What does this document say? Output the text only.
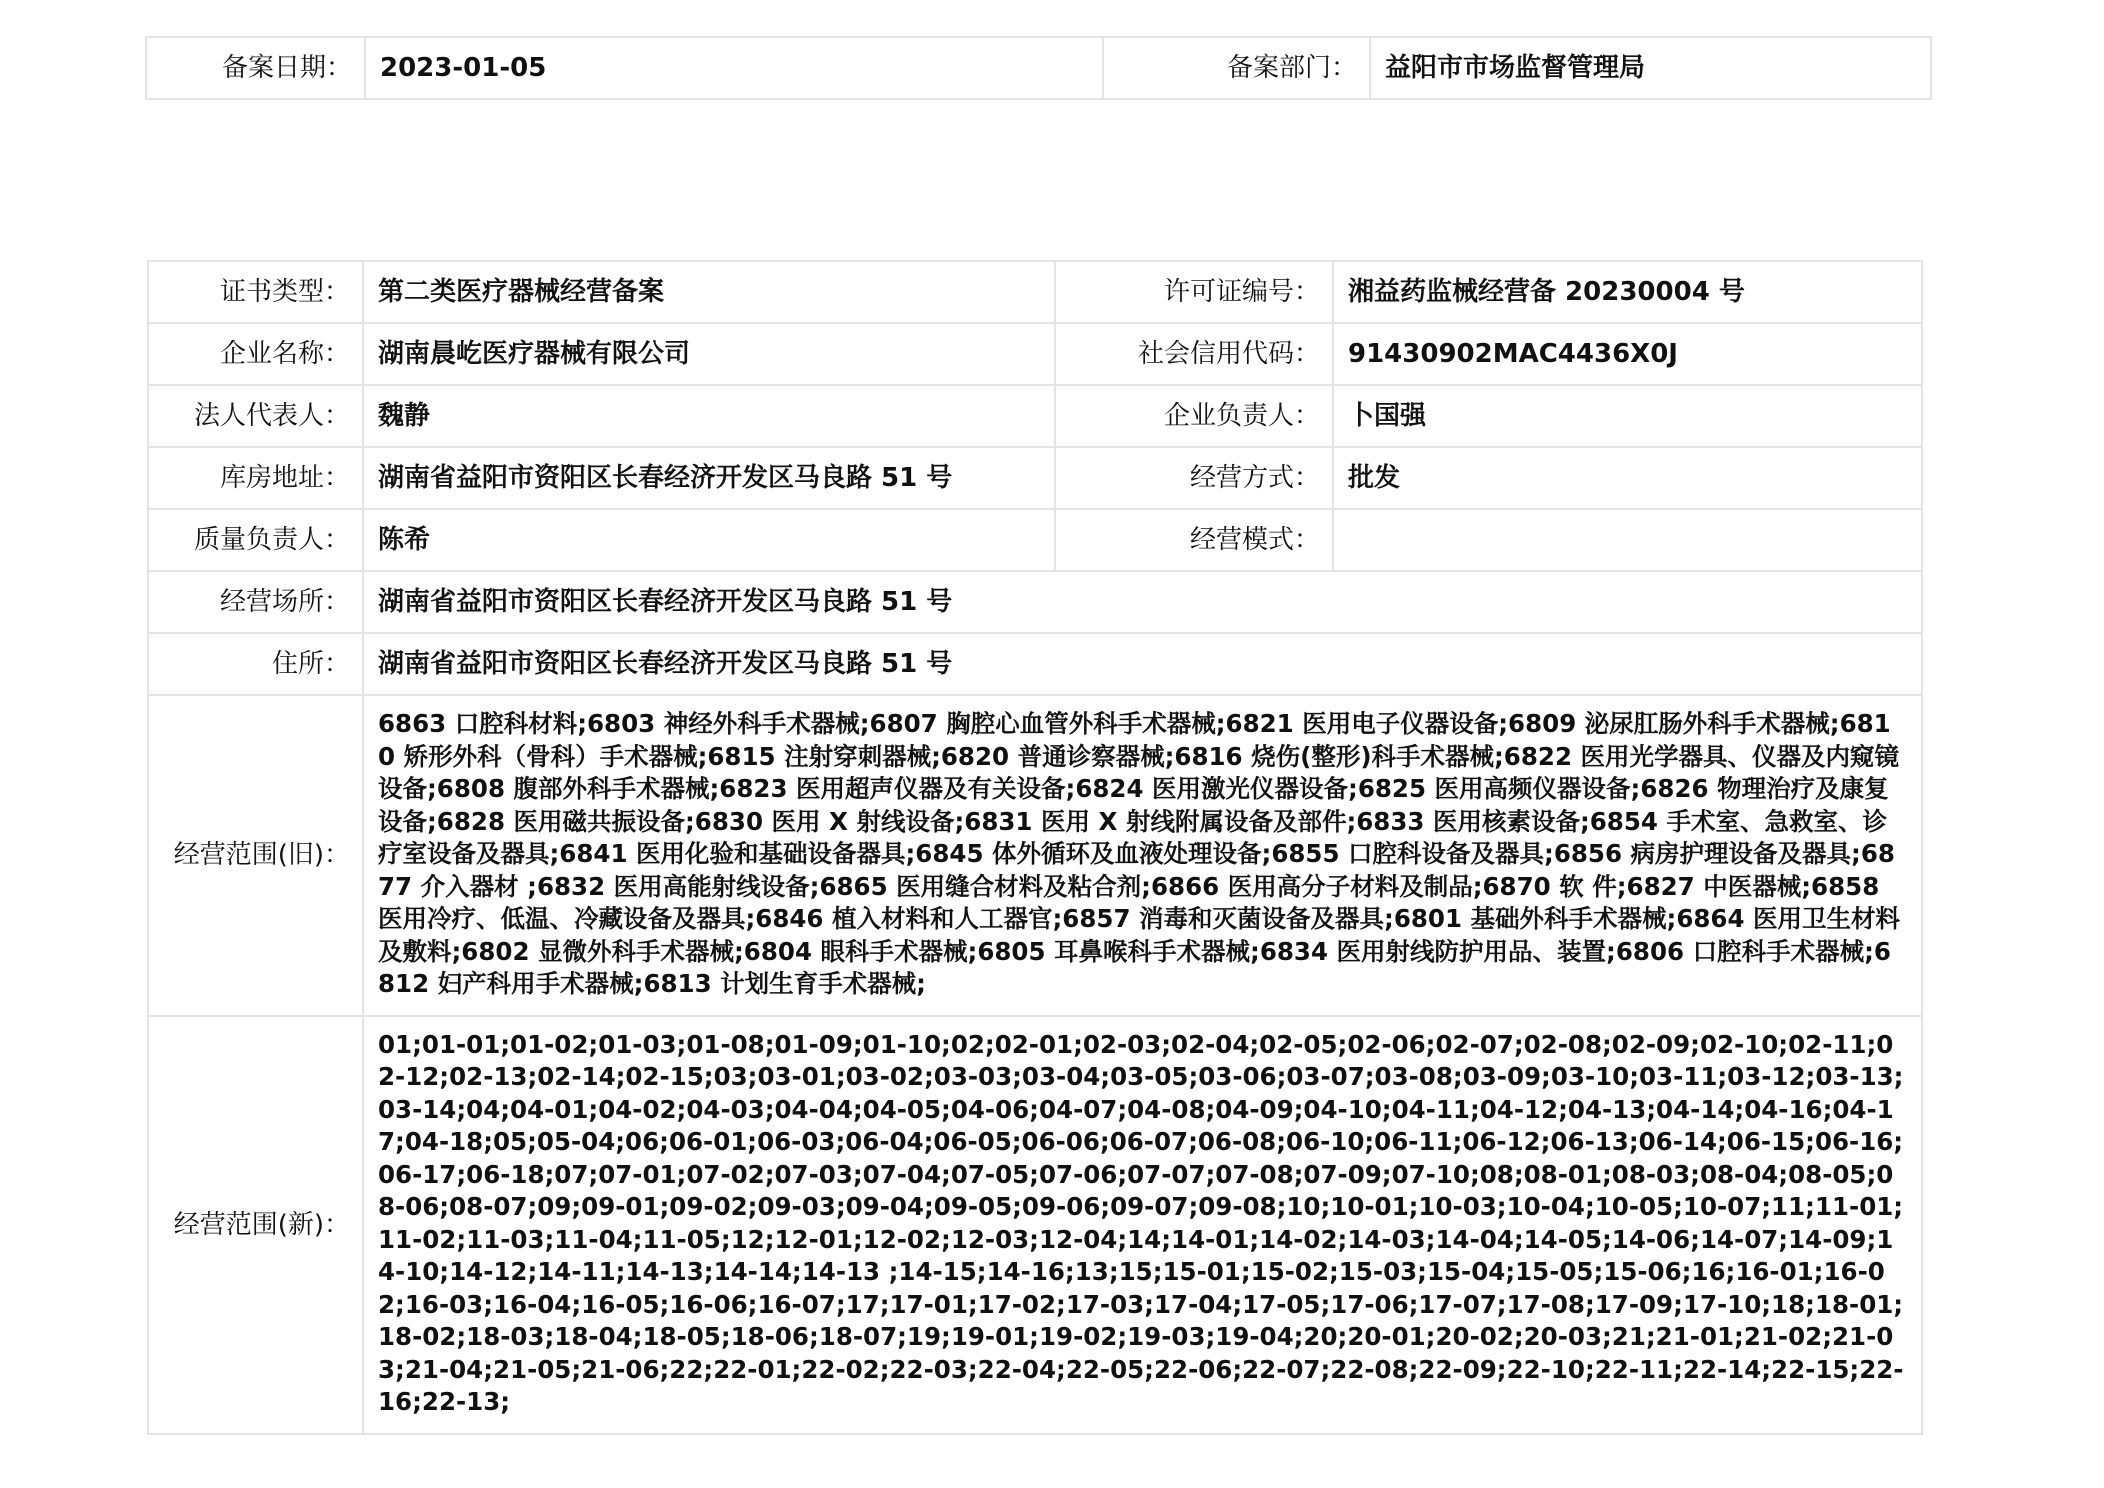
备案日期：	2023-01-05	备案部门：	益阳市市场监督管理局
证书类型：	第二类医疗器械经营备案	许可证编号：	湘益药监械经营备 20230004 号
企业名称：	湖南晨屹医疗器械有限公司	社会信用代码：	91430902MAC4436X0J
法人代表人：	魏静	企业负责人：	卜国强
库房地址：	湖南省益阳市资阳区长春经济开发区马良路 51 号	经营方式：	批发
质量负责人：	陈希	经营模式：	
经营场所：	湖南省益阳市资阳区长春经济开发区马良路 51 号		
住所：	湖南省益阳市资阳区长春经济开发区马良路 51 号		
经营范围(旧)：	6863 口腔科材料;6803 神经外科手术器械;6807 胸腔心血管外科手术器械;6821 医用电子仪器设备;6809 泌尿肛肠外科手术器械;6810 矫形外科（骨科）手术器械;6815 注射穿刺器械;6820 普通诊察器械;6816 烧伤(整形)科手术器械;6822 医用光学器具、仪器及内窥镜设备;6808 腹部外科手术器械;6823 医用超声仪器及有关设备;6824 医用激光仪器设备;6825 医用高频仪器设备;6826 物理治疗及康复设备;6828 医用磁共振设备;6830 医用 X 射线设备;6831 医用 X 射线附属设备及部件;6833 医用核素设备;6854 手术室、急救室、诊疗室设备及器具;6841 医用化验和基础设备器具;6845 体外循环及血液处理设备;6855 口腔科设备及器具;6856 病房护理设备及器具;6877 介入器材 ;6832 医用高能射线设备;6865 医用缝合材料及粘合剂;6866 医用高分子材料及制品;6870 软 件;6827 中医器械;6858 医用冷疗、低温、冷藏设备及器具;6846 植入材料和人工器官;6857 消毒和灭菌设备及器具;6801 基础外科手术器械;6864 医用卫生材料及敷料;6802 显微外科手术器械;6804 眼科手术器械;6805 耳鼻喉科手术器械;6834 医用射线防护用品、装置;6806 口腔科手术器械;6812 妇产科用手术器械;6813 计划生育手术器械;		
经营范围(新)：	01;01-01;01-02;01-03;01-08;01-09;01-10;02;02-01;02-03;02-04;02-05;02-06;02-07;02-08;02-09;02-10;02-11;02-12;02-13;02-14;02-15;03;03-01;03-02;03-03;03-04;03-05;03-06;03-07;03-08;03-09;03-10;03-11;03-12;03-13;03-14;04;04-01;04-02;04-03;04-04;04-05;04-06;04-07;04-08;04-09;04-10;04-11;04-12;04-13;04-14;04-16;04-17;04-18;05;05-04;06;06-01;06-03;06-04;06-05;06-06;06-07;06-08;06-10;06-11;06-12;06-13;06-14;06-15;06-16;06-17;06-18;07;07-01;07-02;07-03;07-04;07-05;07-06;07-07;07-08;07-09;07-10;08;08-01;08-03;08-04;08-05;08-06;08-07;09;09-01;09-02;09-03;09-04;09-05;09-06;09-07;09-08;10;10-01;10-03;10-04;10-05;10-07;11;11-01;11-02;11-03;11-04;11-05;12;12-01;12-02;12-03;12-04;14;14-01;14-02;14-03;14-04;14-05;14-06;14-07;14-09;14-10;14-12;14-11;14-13;14-14;14-13 ;14-15;14-16;13;15;15-01;15-02;15-03;15-04;15-05;15-06;16;16-01;16-02;16-03;16-04;16-05;16-06;16-07;17;17-01;17-02;17-03;17-04;17-05;17-06;17-07;17-08;17-09;17-10;18;18-01;18-02;18-03;18-04;18-05;18-06;18-07;19;19-01;19-02;19-03;19-04;20;20-01;20-02;20-03;21;21-01;21-02;21-03;21-04;21-05;21-06;22;22-01;22-02;22-03;22-04;22-05;22-06;22-07;22-08;22-09;22-10;22-11;22-14;22-15;22-16;22-13;		
